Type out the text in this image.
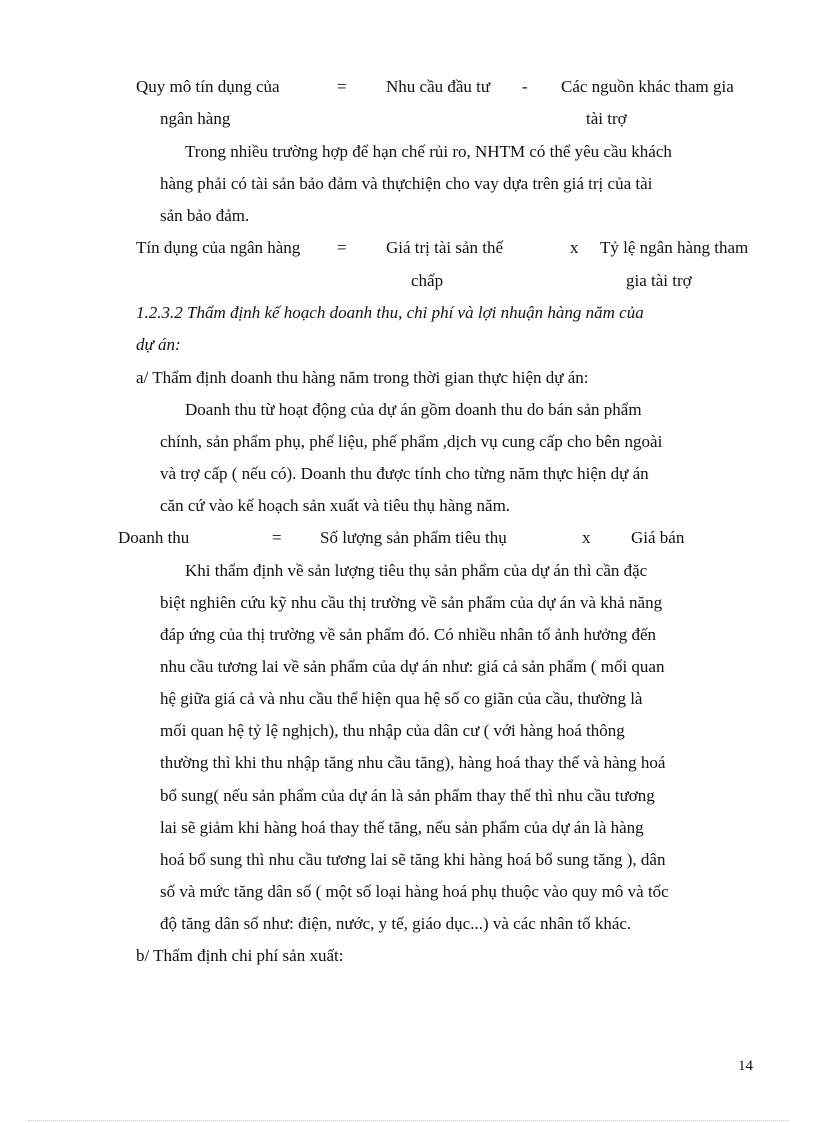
Quy mô tín dụng của
ngân hàng
= Nhu cầu đầu tư - Các nguồn khác tham gia
tài trợ
Trong nhiều trường hợp để hạn chế rủi ro, NHTM có thể yêu cầu khách
hàng phải có tài sản bảo đảm và thựchiện cho vay dựa trên giá trị của tài
sản bảo đảm.
Tín dụng của ngân hàng = Giá trị tài sản thế
chấp
x Tỷ lệ ngân hàng tham
gia tài trợ
1.2.3.2 Thẩm định kế hoạch doanh thu, chi phí và lợi nhuận hàng năm của
dự án:
a/ Thẩm định doanh thu hàng năm trong thời gian thực hiện dự án:
Doanh thu từ hoạt động của dự án gồm doanh thu do bán sản phẩm
chính, sản phẩm phụ, phế liệu, phế phẩm ,dịch vụ cung cấp cho bên ngoài
và trợ cấp ( nếu có). Doanh thu được tính cho từng năm thực hiện dự án
căn cứ vào kế hoạch sản xuất và tiêu thụ hàng năm.
Doanh thu	= Số lượng sản phẩm tiêu thụ	x Giá bán
Khi thẩm định về sản lượng tiêu thụ sản phẩm của dự án thì cần đặc
biệt nghiên cứu kỹ nhu cầu thị trường về sản phẩm của dự án và khả năng
đáp ứng của thị trường về sản phẩm đó. Có nhiều nhân tố ảnh hưởng đến
nhu cầu tương lai về sản phẩm của dự án như: giá cả sản phẩm ( mối quan
hệ giữa giá cả và nhu cầu thể hiện qua hệ số co giãn của cầu, thường là
mối quan hệ tỷ lệ nghịch), thu nhập của dân cư ( với hàng hoá thông
thường thì khi thu nhập tăng nhu cầu tăng), hàng hoá thay thế và hàng hoá
bổ sung( nếu sản phẩm của dự án là sản phẩm thay thế thì nhu cầu tương
lai sẽ giảm khi hàng hoá thay thế tăng, nếu sản phẩm của dự án là hàng
hoá bổ sung thì nhu cầu tương lai sẽ tăng khi hàng hoá bổ sung tăng ), dân
số và mức tăng dân số ( một số loại hàng hoá phụ thuộc vào quy mô và tốc
độ tăng dân số như: điện, nước, y tế, giáo dục...) và các nhân tố khác.
b/ Thẩm định chi phí sản xuất:
14
